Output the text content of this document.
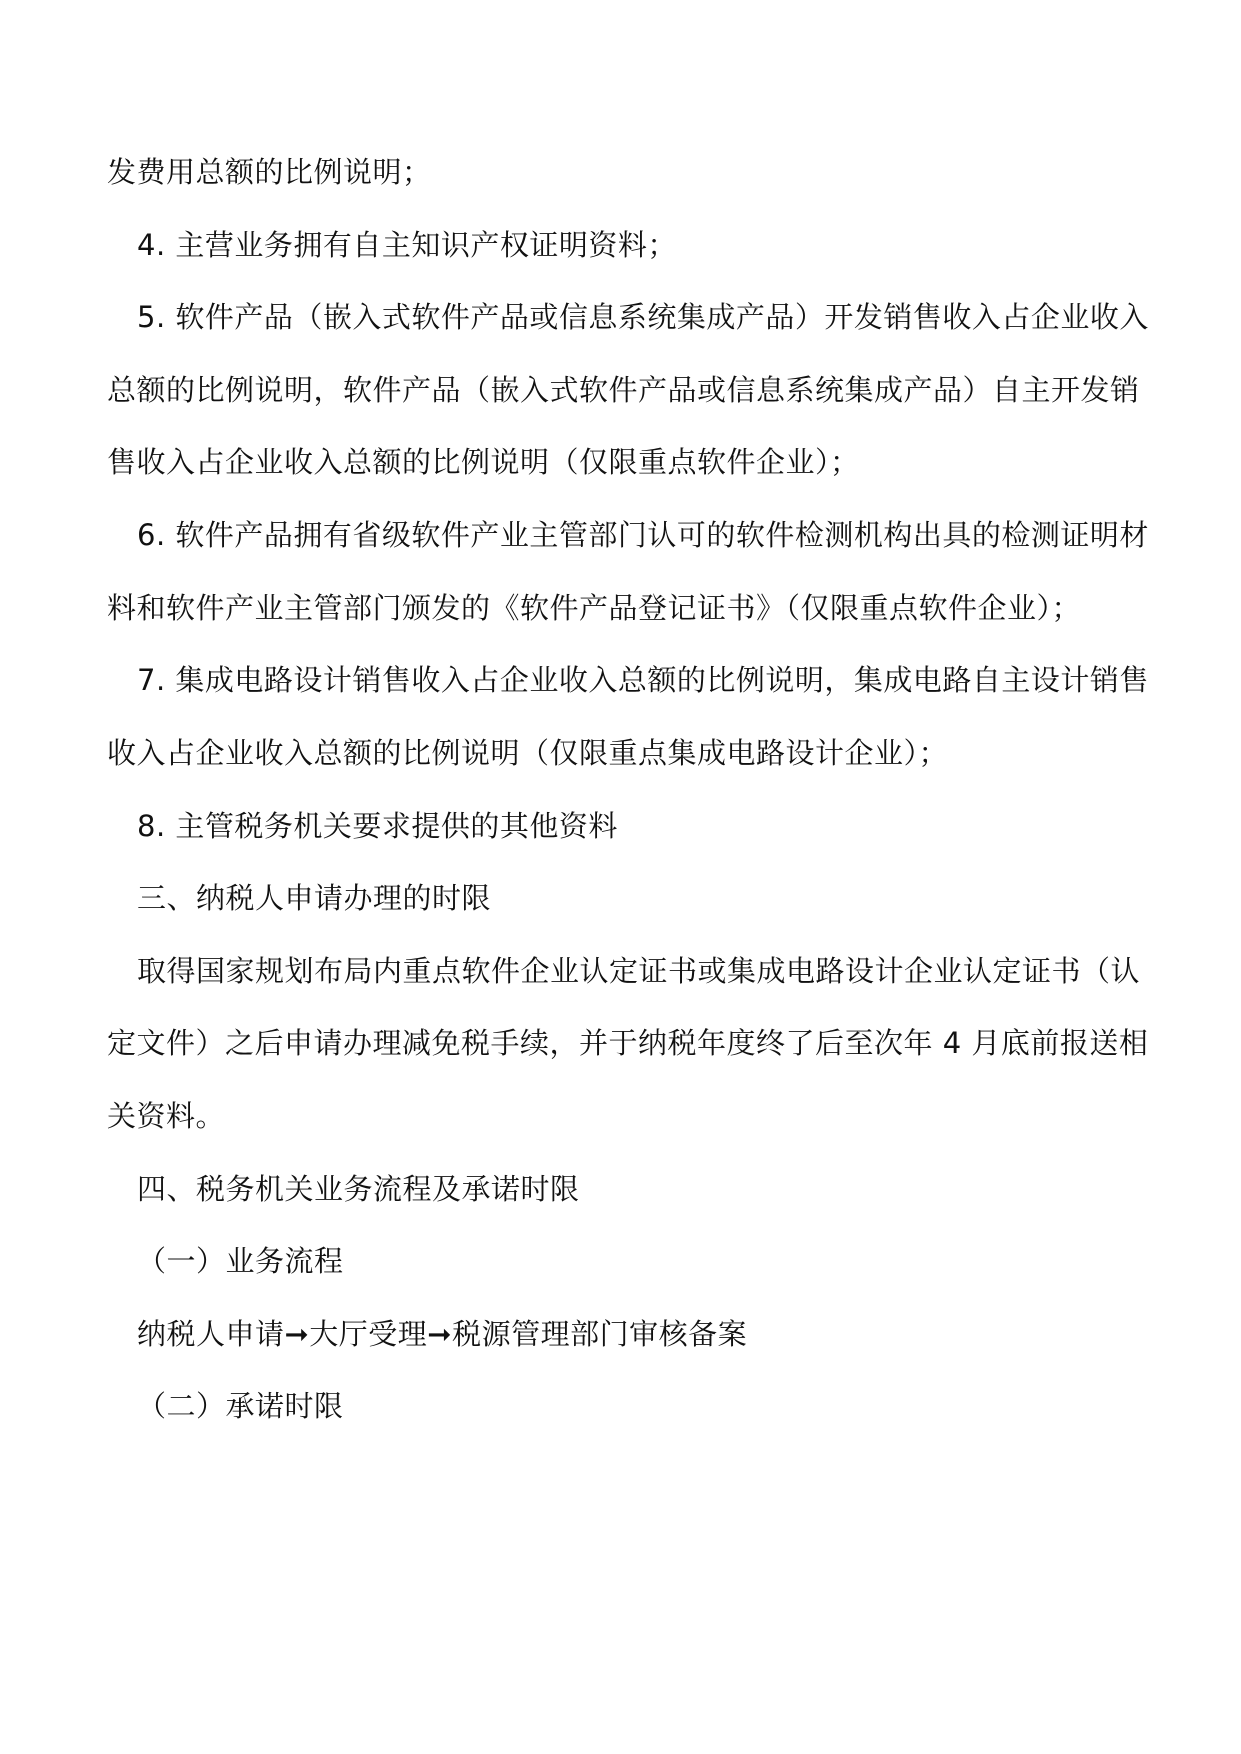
发费用总额的比例说明；
4. 主营业务拥有自主知识产权证明资料；
5. 软件产品（嵌入式软件产品或信息系统集成产品）开发销售收入占企业收入
总额的比例说明，软件产品（嵌入式软件产品或信息系统集成产品）自主开发销
售收入占企业收入总额的比例说明（仅限重点软件企业）；
6. 软件产品拥有省级软件产业主管部门认可的软件检测机构出具的检测证明材
料和软件产业主管部门颁发的《软件产品登记证书》（仅限重点软件企业）；
7. 集成电路设计销售收入占企业收入总额的比例说明，集成电路自主设计销售
收入占企业收入总额的比例说明（仅限重点集成电路设计企业）；
8. 主管税务机关要求提供的其他资料
三、纳税人申请办理的时限
取得国家规划布局内重点软件企业认定证书或集成电路设计企业认定证书（认
定文件）之后申请办理减免税手续，并于纳税年度终了后至次年 4 月底前报送相
关资料。
四、税务机关业务流程及承诺时限
（一）业务流程
纳税人申请➞大厅受理➞税源管理部门审核备案
（二）承诺时限
